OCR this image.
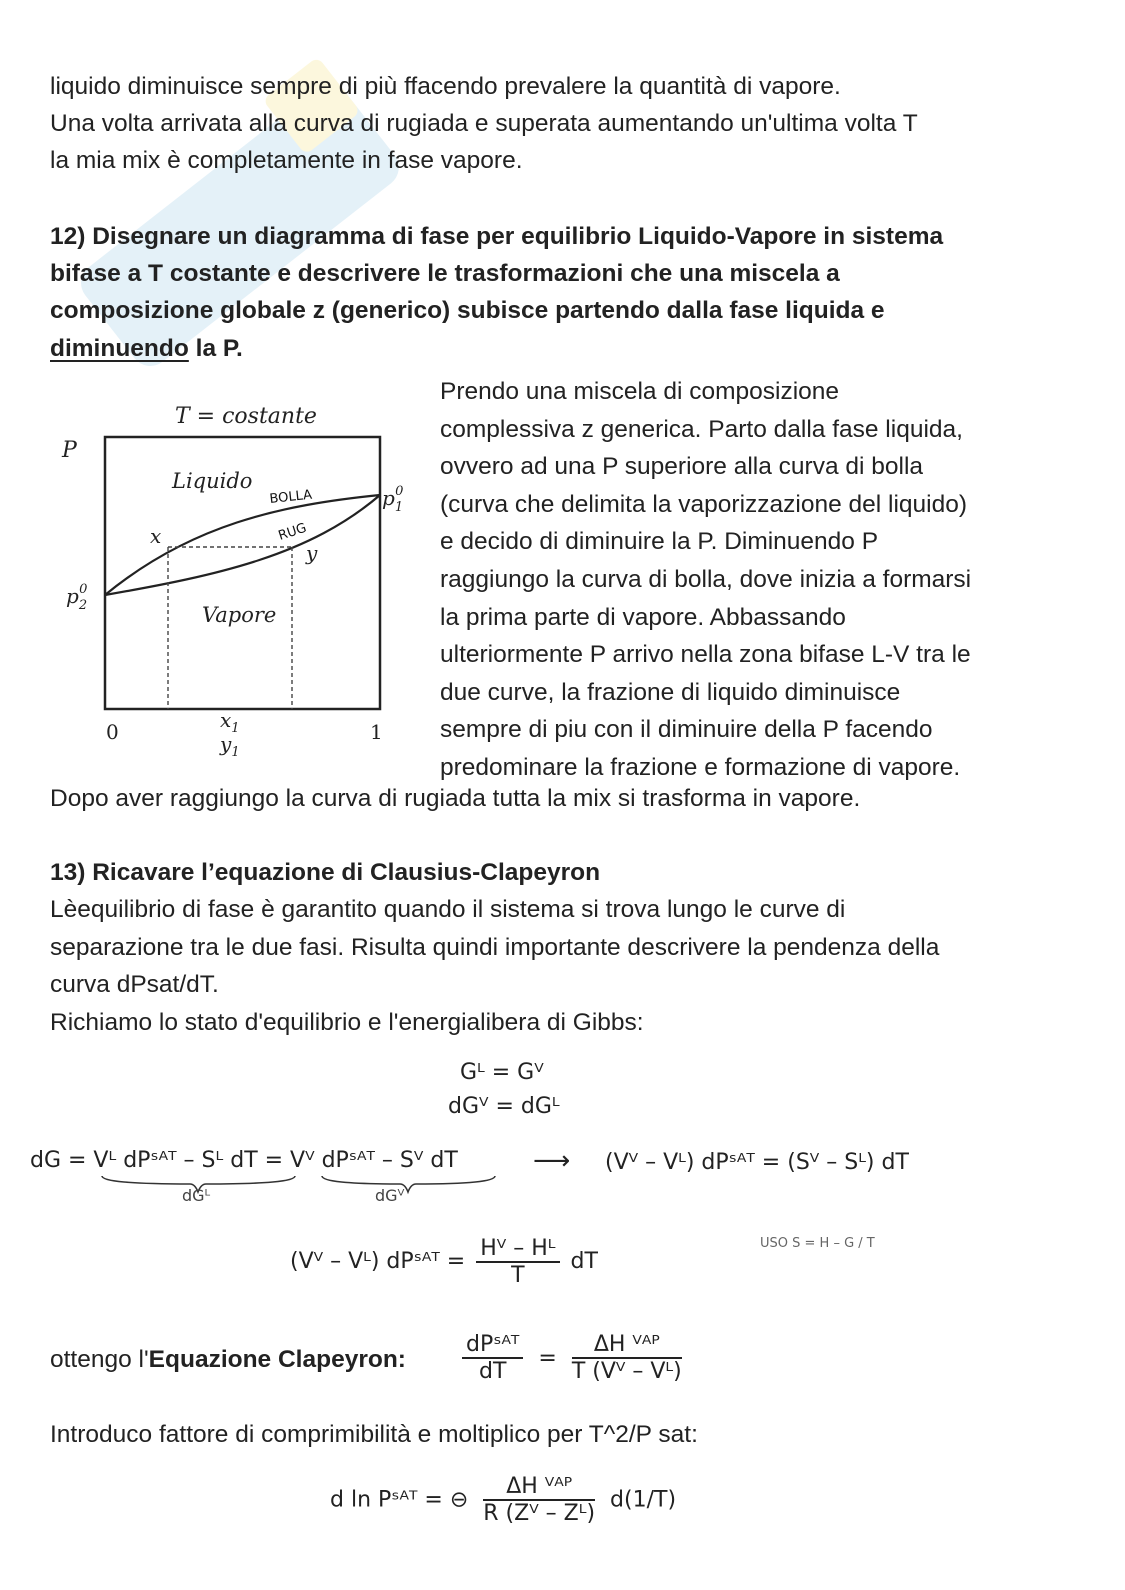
liquido diminuisce sempre di più ffacendo prevalere la quantità di vapore.

Una volta arrivata alla curva di rugiada e superata aumentando un'ultima volta T

la mia mix è completamente in fase vapore.

12) Disegnare un diagramma di fase per equilibrio Liquido-Vapore in sistema

bifase a T costante e descrivere le trasformazioni che una miscela a

composizione globale z (generico) subisce partendo dalla fase liquida e

diminuendo la P.

T = costante
P
Liquido
Vapore
BOLLA
RUG
x
y
$p_10$
$p_20$
0	1
$x_1$
$y_1$
Prendo una miscela di composizione
complessiva z generica. Parto dalla fase liquida,
ovvero ad una P superiore alla curva di bolla
(curva che delimita la vaporizzazione del liquido)
e decido di diminuire la P. Diminuendo P
raggiungo la curva di bolla, dove inizia a formarsi
la prima parte di vapore. Abbassando
ulteriormente P arrivo nella zona bifase L-V tra le
due curve, la frazione di liquido diminuisce
sempre di piu con il diminuire della P facendo
predominare la frazione e formazione di vapore.

Dopo aver raggiungo la curva di rugiada tutta la mix si trasforma in vapore.

13) Ricavare l’equazione di Clausius-Clapeyron

Lèequilibrio di fase è garantito quando il sistema si trova lungo le curve di

separazione tra le due fasi. Risulta quindi importante descrivere la pendenza della

curva dPsat/dT.

Richiamo lo stato d'equilibrio e l'energialibera di Gibbs:

Gᴸ = Gⱽ
dGⱽ = dGᴸ
dG = Vᴸ dPˢᴬᵀ – Sᴸ dT = Vⱽ dPˢᴬᵀ – Sⱽ dT
dGᴸ	dGⱽ
⟶ (Vⱽ – Vᴸ) dPˢᴬᵀ = (Sⱽ – Sᴸ) dT
(Vⱽ – Vᴸ) dPˢᴬᵀ = $\frac{\text{Hⱽ – Hᴸ}}{T}$ dT
USO S = H – G / T

ottengo l'Equazione Clapeyron:

dPˢᴬᵀ
dT
=
ΔH ⱽᴬᴾ
T (Vⱽ – Vᴸ)

Introduco fattore di comprimibilità e moltiplico per T^2/P sat:

d ln Pˢᴬᵀ = ⊖
ΔH ⱽᴬᴾ
R (Zⱽ – Zᴸ)
d(1/T)
